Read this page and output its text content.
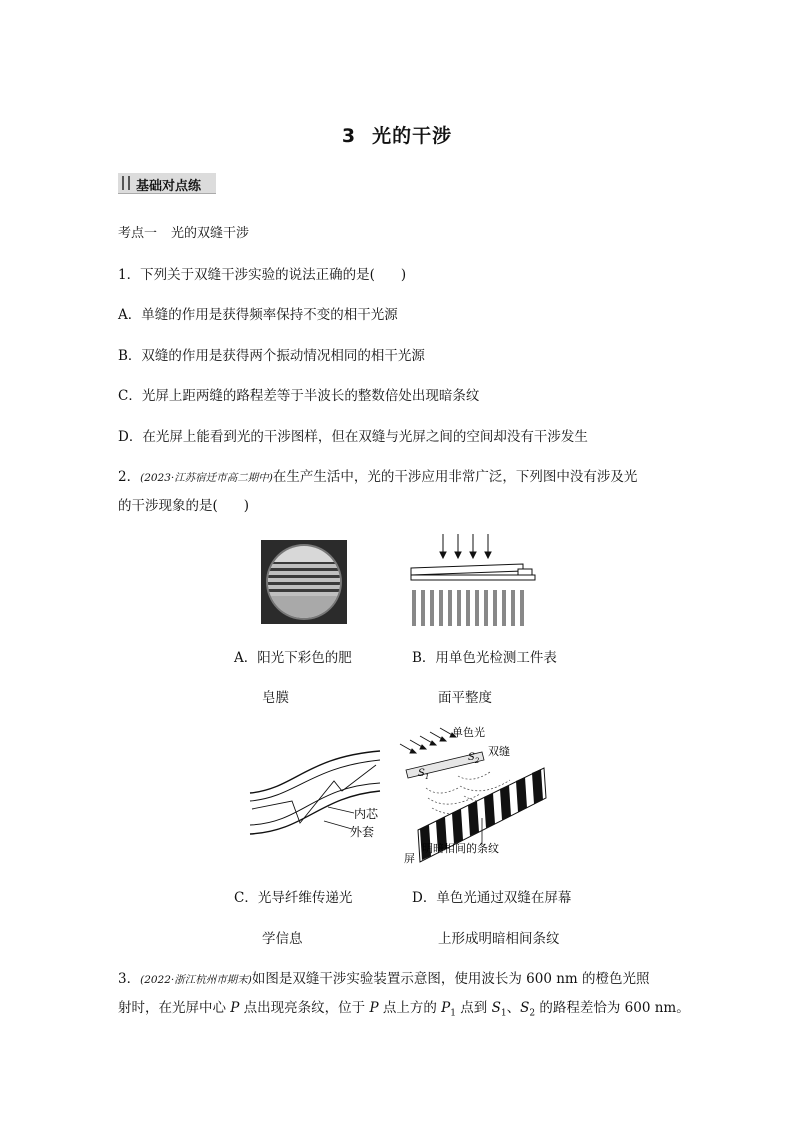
3 光的干涉
基础对点练
考点一 光的双缝干涉
1．下列关于双缝干涉实验的说法正确的是( )
A．单缝的作用是获得频率保持不变的相干光源
B．双缝的作用是获得两个振动情况相同的相干光源
C．光屏上距两缝的路程差等于半波长的整数倍处出现暗条纹
D．在光屏上能看到光的干涉图样，但在双缝与光屏之间的空间却没有干涉发生
2．(2023·江苏宿迁市高二期中)在生产生活中，光的干涉应用非常广泛，下列图中没有涉及光
的干涉现象的是( )
A．阳光下彩色的肥
皂膜
B．用单色光检测工件表
面平整度
内芯
外套
单色光
双缝
$S_1$
$S_2$
屏
明暗相间的条纹
C．光导纤维传递光
学信息
D．单色光通过双缝在屏幕
上形成明暗相间条纹
3．(2022·浙江杭州市期末)如图是双缝干涉实验装置示意图，使用波长为 600 nm 的橙色光照
射时，在光屏中心 P 点出现亮条纹，位于 P 点上方的 $P_1$ 点到 $S_1$、$S_2$ 的路程差恰为 600 nm。
